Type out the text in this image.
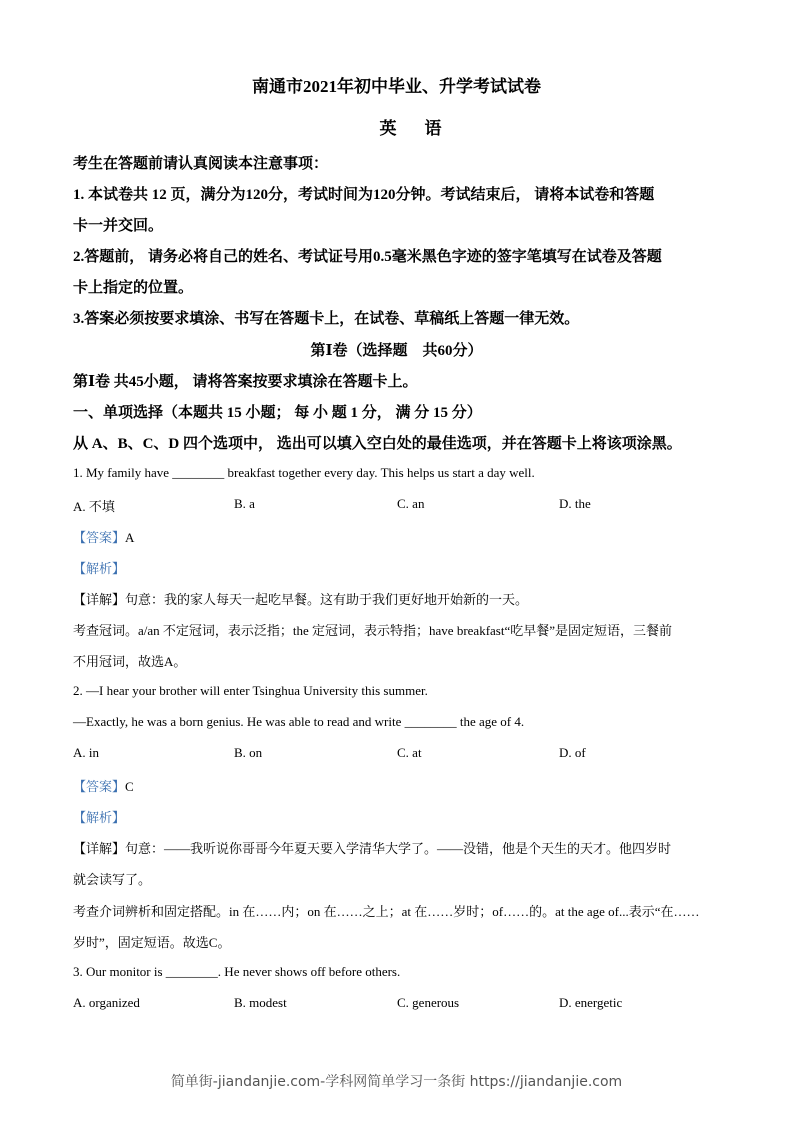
南通市2021年初中毕业、升学考试试卷
英语
考生在答题前请认真阅读本注意事项：
1. 本试卷共 12 页，满分为120分，考试时间为120分钟。考试结束后， 请将本试卷和答题
卡一并交回。
2.答题前， 请务必将自己的姓名、考试证号用0.5毫米黑色字迹的签字笔填写在试卷及答题
卡上指定的位置。
3.答案必须按要求填涂、书写在答题卡上，在试卷、草稿纸上答题一律无效。
第Ⅰ卷（选择题　共60分）
第Ⅰ卷 共45小题， 请将答案按要求填涂在答题卡上。
一、单项选择（本题共 15 小题； 每 小 题 1 分， 满 分 15 分）
从 A、B、C、D 四个选项中， 选出可以填入空白处的最佳选项，并在答题卡上将该项涂黑。
1. My family have ________ breakfast together every day. This helps us start a day well.
A. 不填	B. a	C. an	D. the
【答案】A
【解析】
【详解】句意：我的家人每天一起吃早餐。这有助于我们更好地开始新的一天。
考查冠词。a/an 不定冠词，表示泛指；the 定冠词，表示特指；have breakfast“吃早餐”是固定短语，三餐前
不用冠词，故选A。
2. —I hear your brother will enter Tsinghua University this summer.
—Exactly, he was a born genius. He was able to read and write ________ the age of 4.
A. in	B. on	C. at	D. of
【答案】C
【解析】
【详解】句意：——我听说你哥哥今年夏天要入学清华大学了。——没错，他是个天生的天才。他四岁时
就会读写了。
考查介词辨析和固定搭配。in 在……内；on 在……之上；at 在……岁时；of……的。at the age of...表示“在……
岁时”，固定短语。故选C。
3. Our monitor is ________. He never shows off before others.
A. organized	B. modest	C. generous	D. energetic
简单街-jiandanjie.com-学科网简单学习一条街 https://jiandanjie.com
